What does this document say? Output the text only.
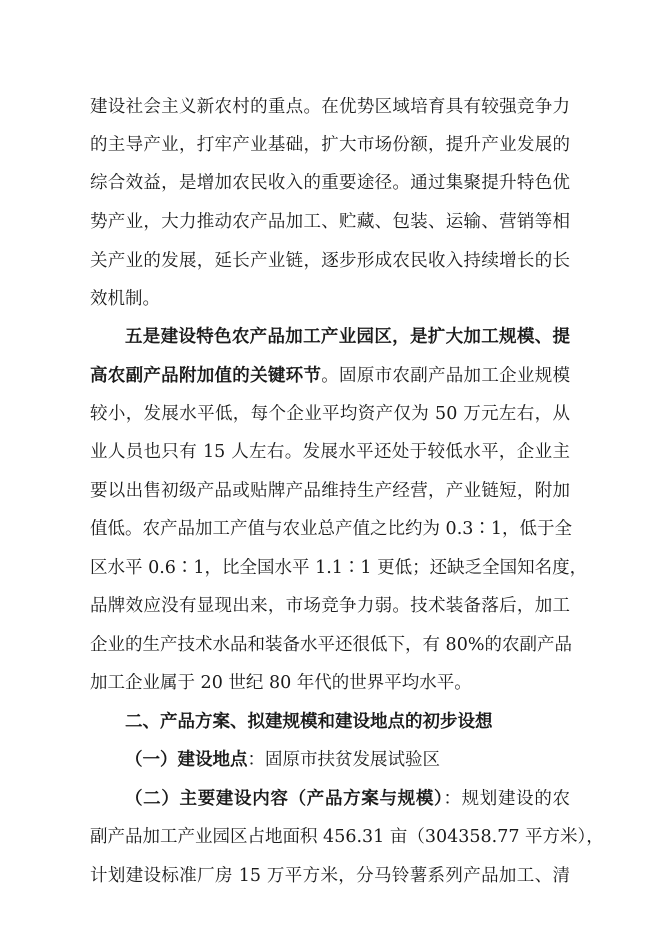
建设社会主义新农村的重点。在优势区域培育具有较强竞争力
的主导产业，打牢产业基础，扩大市场份额，提升产业发展的
综合效益，是增加农民收入的重要途径。通过集聚提升特色优
势产业，大力推动农产品加工、贮藏、包装、运输、营销等相
关产业的发展，延长产业链，逐步形成农民收入持续增长的长
效机制。
五是建设特色农产品加工产业园区，是扩大加工规模、提
高农副产品附加值的关键环节。固原市农副产品加工企业规模
较小，发展水平低，每个企业平均资产仅为 50 万元左右，从
业人员也只有 15 人左右。发展水平还处于较低水平，企业主
要以出售初级产品或贴牌产品维持生产经营，产业链短，附加
值低。农产品加工产值与农业总产值之比约为 0.3∶1，低于全
区水平 0.6∶1，比全国水平 1.1∶1 更低；还缺乏全国知名度，
品牌效应没有显现出来，市场竞争力弱。技术装备落后，加工
企业的生产技术水品和装备水平还很低下，有 80%的农副产品
加工企业属于 20 世纪 80 年代的世界平均水平。
二、产品方案、拟建规模和建设地点的初步设想
（一）建设地点：固原市扶贫发展试验区
（二）主要建设内容（产品方案与规模）：规划建设的农
副产品加工产业园区占地面积 456.31 亩（304358.77 平方米），
计划建设标准厂房 15 万平方米，分马铃薯系列产品加工、清
